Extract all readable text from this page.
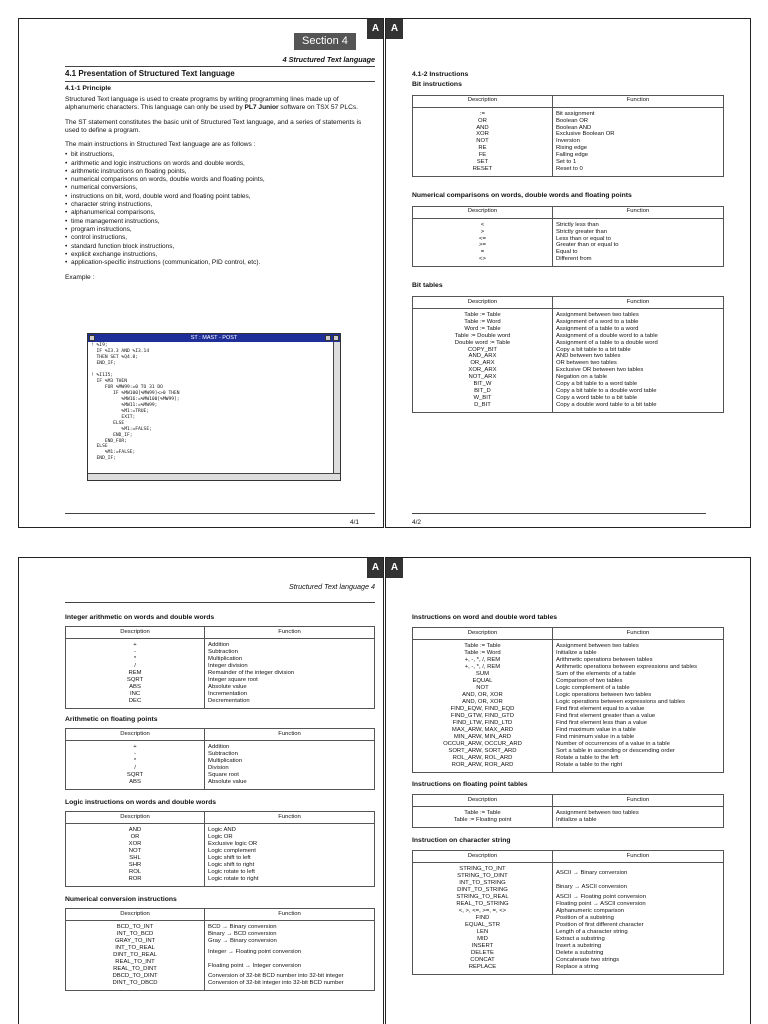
Section 4
A
4 Structured Text language
4.1 Presentation of Structured Text language
4.1-1 Principle

Structured Text language is used to create programs by writing programming lines made up of alphanumeric characters. This language can only be used by PL7 Junior software on TSX 57 PLCs.

The ST statement constitutes the basic unit of Structured Text language, and a series of statements is used to define a program.

The main instructions in Structured Text language are as follows :

• bit instructions,
• arithmetic and logic instructions on words and double words,
• arithmetic instructions on floating points,
• numerical comparisons on words, double words and floating points,
• numerical conversions,
• instructions on bit, word, double word and floating point tables,
• character string instructions,
• alphanumerical comparisons,
• time management instructions,
• program instructions,
• control instructions,
• standard function block instructions,
• explicit exchange instructions,
• application-specific instructions (communication, PID control, etc).

Example :

ST : MAST - POST
! %I9;
IF %I3.3 AND %I3.14
THEN SET %Q4.8;
END_IF;

! %I1I5;
IF %M3 THEN
FOR %MW99:=0 TO 31 DO
IF %MW100[%MW99]<>0 THEN
%MW16:=%MW100[%MW99];
%MW11:=%MW99;
%M1:=TRUE;
EXIT;
ELSE
%M1:=FALSE;
END_IF;
END_FOR;
ELSE
%M1:=FALSE;
END_IF;
4/1
A
4.1-2 Instructions
Bit instructions
Description	Function
:=	Bit assignment
OR	Boolean OR
AND	Boolean AND
XOR	Exclusive Boolean OR
NOT	Inversion
RE	Rising edge
FE	Falling edge
SET	Set to 1
RESET	Reset to 0
Numerical comparisons on words, double words and floating points
Description	Function
<	Strictly less than
>	Strictly greater than
<=	Less than or equal to
>=	Greater than or equal to
=	Equal to
<>	Different from
Bit tables
Description	Function
Table := Table	Assignment between two tables
Table := Word	Assignment of a word to a table
Word := Table	Assignment of a table to a word
Table := Double word	Assignment of a double word to a table
Double word := Table	Assignment of a table to a double word
COPY_BIT	Copy a bit table to a bit table
AND_ARX	AND between two tables
OR_ARX	OR between two tables
XOR_ARX	Exclusive OR between two tables
NOT_ARX	Negation on a table
BIT_W	Copy a bit table to a word table
BIT_D	Copy a bit table to a double word table
W_BIT	Copy a word table to a bit table
D_BIT	Copy a double word table to a bit table
4/2
A
Structured Text language 4
Integer arithmetic on words and double words
Description	Function
+	Addition
-	Subtraction
*	Multiplication
/	Integer division
REM	Remainder of the integer division
SQRT	Integer square root
ABS	Absolute value
INC	Incrementation
DEC	Decrementation
Arithmetic on floating points
Description	Function
+	Addition
-	Subtraction
*	Multiplication
/	Division
SQRT	Square root
ABS	Absolute value
Logic instructions on words and double words
Description	Function
AND	Logic AND
OR	Logic OR
XOR	Exclusive logic OR
NOT	Logic complement
SHL	Logic shift to left
SHR	Logic shift to right
ROL	Logic rotate to left
ROR	Logic rotate to right
Numerical conversion instructions
Description	Function
BCD_TO_INT	BCD → Binary conversion
INT_TO_BCD	Binary → BCD conversion
GRAY_TO_INT	Gray → Binary conversion
INT_TO_REAL
DINT_TO_REAL	Integer → Floating point conversion
REAL_TO_INT
REAL_TO_DINT	Floating point → Integer conversion
DBCD_TO_DINT	Conversion of 32-bit BCD number into 32-bit integer
DINT_TO_DBCD	Conversion of 32-bit integer into 32-bit BCD number
A
Instructions on word and double word tables
Description	Function
Table := Table	Assignment between two tables
Table := Word	Initialize a table
+, -, *, /, REM	Arithmetic operations between tables
+, -, *, /, REM	Arithmetic operations between expressions and tables
SUM	Sum of the elements of a table
EQUAL	Comparison of two tables
NOT	Logic complement of a table
AND, OR, XOR	Logic operations between two tables
AND, OR, XOR	Logic operations between expressions and tables
FIND_EQW, FIND_EQD	Find first element equal to a value
FIND_GTW, FIND_GTD	Find first element greater than a value
FIND_LTW, FIND_LTD	Find first element less than a value
MAX_ARW, MAX_ARD	Find maximum value in a table
MIN_ARW, MIN_ARD	Find minimum value in a table
OCCUR_ARW, OCCUR_ARD	Number of occurrences of a value in a table
SORT_ARW, SORT_ARD	Sort a table in ascending or descending order
ROL_ARW, ROL_ARD	Rotate a table to the left
ROR_ARW, ROR_ARD	Rotate a table to the right
Instructions on floating point tables
Description	Function
Table := Table	Assignment between two tables
Table := Floating point	Initialize a table
Instruction on character string
Description	Function
STRING_TO_INT
STRING_TO_DINT	ASCII → Binary conversion
INT_TO_STRING
DINT_TO_STRING	Binary → ASCII conversion
STRING_TO_REAL	ASCII → Floating point conversion
REAL_TO_STRING	Floating point → ASCII conversion
<, >, <=, >=, =, <>	Alphanumeric comparison
FIND	Position of a substring
EQUAL_STR	Position of first different character
LEN	Length of a character string
MID	Extract a substring
INSERT	Insert a substring
DELETE	Delete a substring
CONCAT	Concatenate two strings
REPLACE	Replace a string
